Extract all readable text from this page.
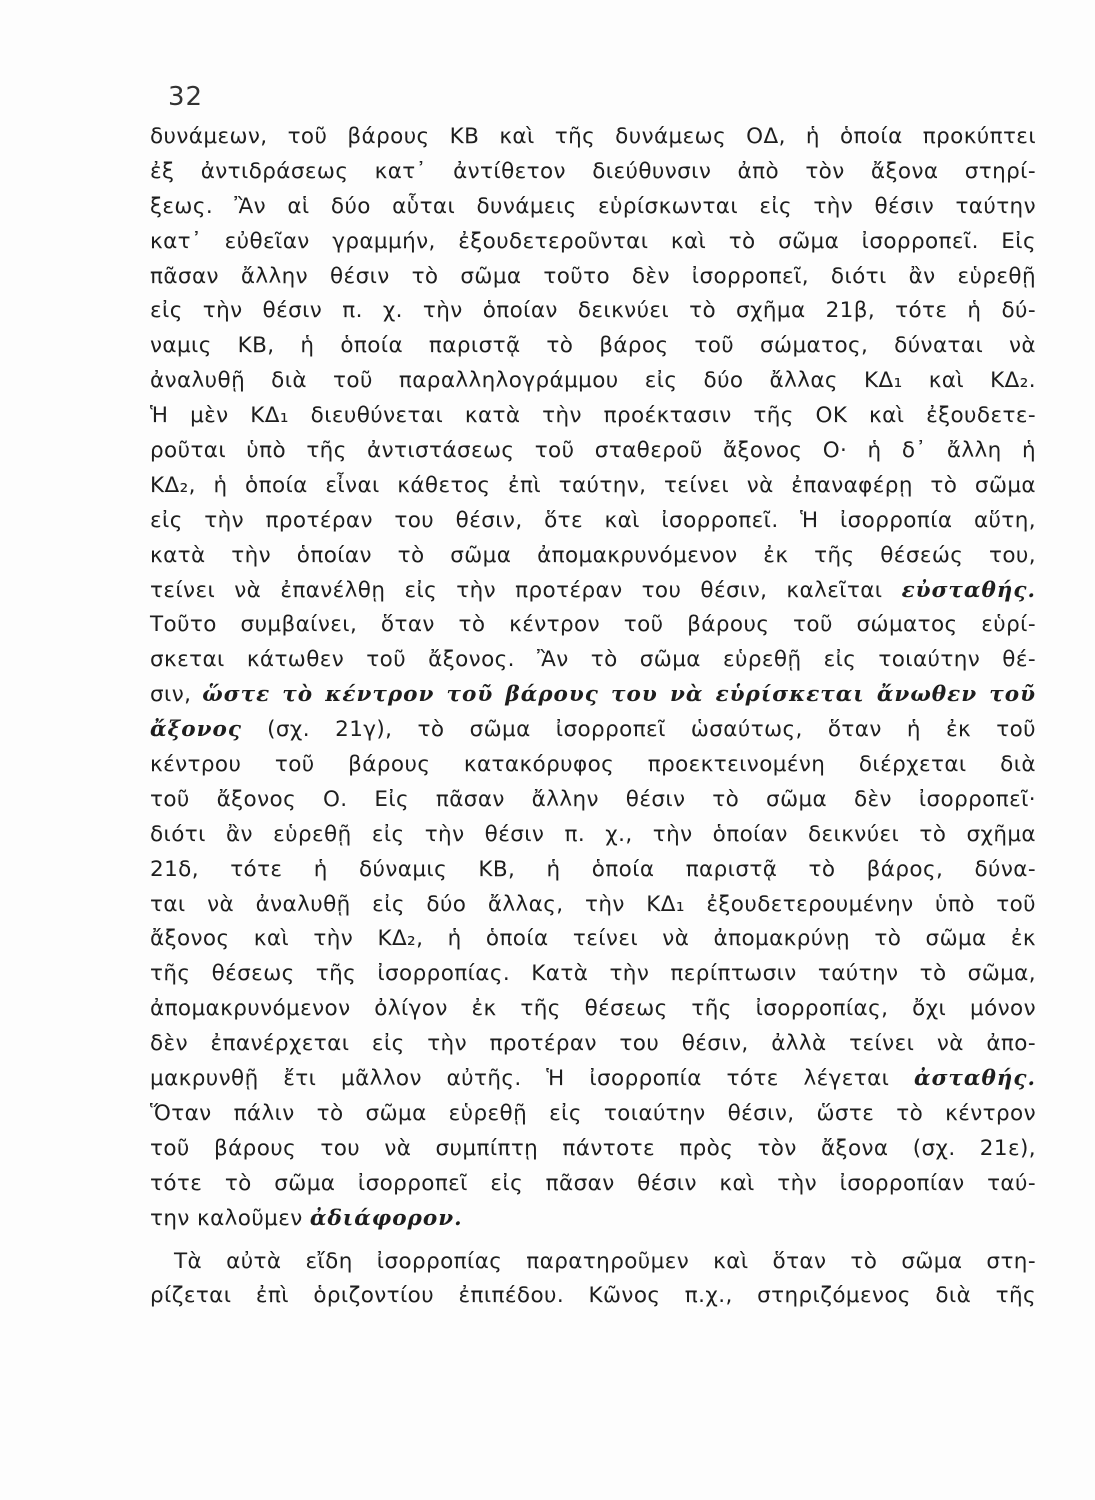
32
δυνάμεων, τοῦ βάρους ΚΒ καὶ τῆς δυνάμεως ΟΔ, ἡ ὁποία προκύπτει
ἐξ ἀντιδράσεως κατ᾽ ἀντίθετον διεύθυνσιν ἀπὸ τὸν ἄξονα στηρί-
ξεως. Ἂν αἱ δύο αὗται δυνάμεις εὑρίσκωνται εἰς τὴν θέσιν ταύτην
κατ᾽ εὐθεῖαν γραμμήν, ἐξουδετεροῦνται καὶ τὸ σῶμα ἰσορροπεῖ. Εἰς
πᾶσαν ἄλλην θέσιν τὸ σῶμα τοῦτο δὲν ἰσορροπεῖ, διότι ἂν εὑρεθῇ
εἰς τὴν θέσιν π. χ. τὴν ὁποίαν δεικνύει τὸ σχῆμα 21β, τότε ἡ δύ-
ναμις ΚΒ, ἡ ὁποία παριστᾷ τὸ βάρος τοῦ σώματος, δύναται νὰ
ἀναλυθῇ διὰ τοῦ παραλληλογράμμου εἰς δύο ἄλλας ΚΔ₁ καὶ ΚΔ₂.
Ἡ μὲν ΚΔ₁ διευθύνεται κατὰ τὴν προέκτασιν τῆς ΟΚ καὶ ἐξουδετε-
ροῦται ὑπὸ τῆς ἀντιστάσεως τοῦ σταθεροῦ ἄξονος Ο· ἡ δ᾽ ἄλλη ἡ
ΚΔ₂, ἡ ὁποία εἶναι κάθετος ἐπὶ ταύτην, τείνει νὰ ἐπαναφέρῃ τὸ σῶμα
εἰς τὴν προτέραν του θέσιν, ὅτε καὶ ἰσορροπεῖ. Ἡ ἰσορροπία αὕτη,
κατὰ τὴν ὁποίαν τὸ σῶμα ἀπομακρυνόμενον ἐκ τῆς θέσεώς του,
τείνει νὰ ἐπανέλθῃ εἰς τὴν προτέραν του θέσιν, καλεῖται εὐσταθής.
Τοῦτο συμβαίνει, ὅταν τὸ κέντρον τοῦ βάρους τοῦ σώματος εὑρί-
σκεται κάτωθεν τοῦ ἄξονος. Ἂν τὸ σῶμα εὑρεθῇ εἰς τοιαύτην θέ-
σιν, ὥστε τὸ κέντρον τοῦ βάρους του νὰ εὑρίσκεται ἄνωθεν τοῦ
ἄξονος (σχ. 21γ), τὸ σῶμα ἰσορροπεῖ ὡσαύτως, ὅταν ἡ ἐκ τοῦ
κέντρου τοῦ βάρους κατακόρυφος προεκτεινομένη διέρχεται διὰ
τοῦ ἄξονος Ο. Εἰς πᾶσαν ἄλλην θέσιν τὸ σῶμα δὲν ἰσορροπεῖ·
διότι ἂν εὑρεθῇ εἰς τὴν θέσιν π. χ., τὴν ὁποίαν δεικνύει τὸ σχῆμα
21δ, τότε ἡ δύναμις ΚΒ, ἡ ὁποία παριστᾷ τὸ βάρος, δύνα-
ται νὰ ἀναλυθῇ εἰς δύο ἄλλας, τὴν ΚΔ₁ ἐξουδετερουμένην ὑπὸ τοῦ
ἄξονος καὶ τὴν ΚΔ₂, ἡ ὁποία τείνει νὰ ἀπομακρύνῃ τὸ σῶμα ἐκ
τῆς θέσεως τῆς ἰσορροπίας. Κατὰ τὴν περίπτωσιν ταύτην τὸ σῶμα,
ἀπομακρυνόμενον ὀλίγον ἐκ τῆς θέσεως τῆς ἰσορροπίας, ὄχι μόνον
δὲν ἐπανέρχεται εἰς τὴν προτέραν του θέσιν, ἀλλὰ τείνει νὰ ἀπο-
μακρυνθῇ ἔτι μᾶλλον αὐτῆς. Ἡ ἰσορροπία τότε λέγεται ἀσταθής.
Ὅταν πάλιν τὸ σῶμα εὑρεθῇ εἰς τοιαύτην θέσιν, ὥστε τὸ κέντρον
τοῦ βάρους του νὰ συμπίπτῃ πάντοτε πρὸς τὸν ἄξονα (σχ. 21ε),
τότε τὸ σῶμα ἰσορροπεῖ εἰς πᾶσαν θέσιν καὶ τὴν ἰσορροπίαν ταύ-
την καλοῦμεν ἀδιάφορον.
Τὰ αὐτὰ εἴδη ἰσορροπίας παρατηροῦμεν καὶ ὅταν τὸ σῶμα στη-
ρίζεται ἐπὶ ὁριζοντίου ἐπιπέδου. Κῶνος π.χ., στηριζόμενος διὰ τῆς
